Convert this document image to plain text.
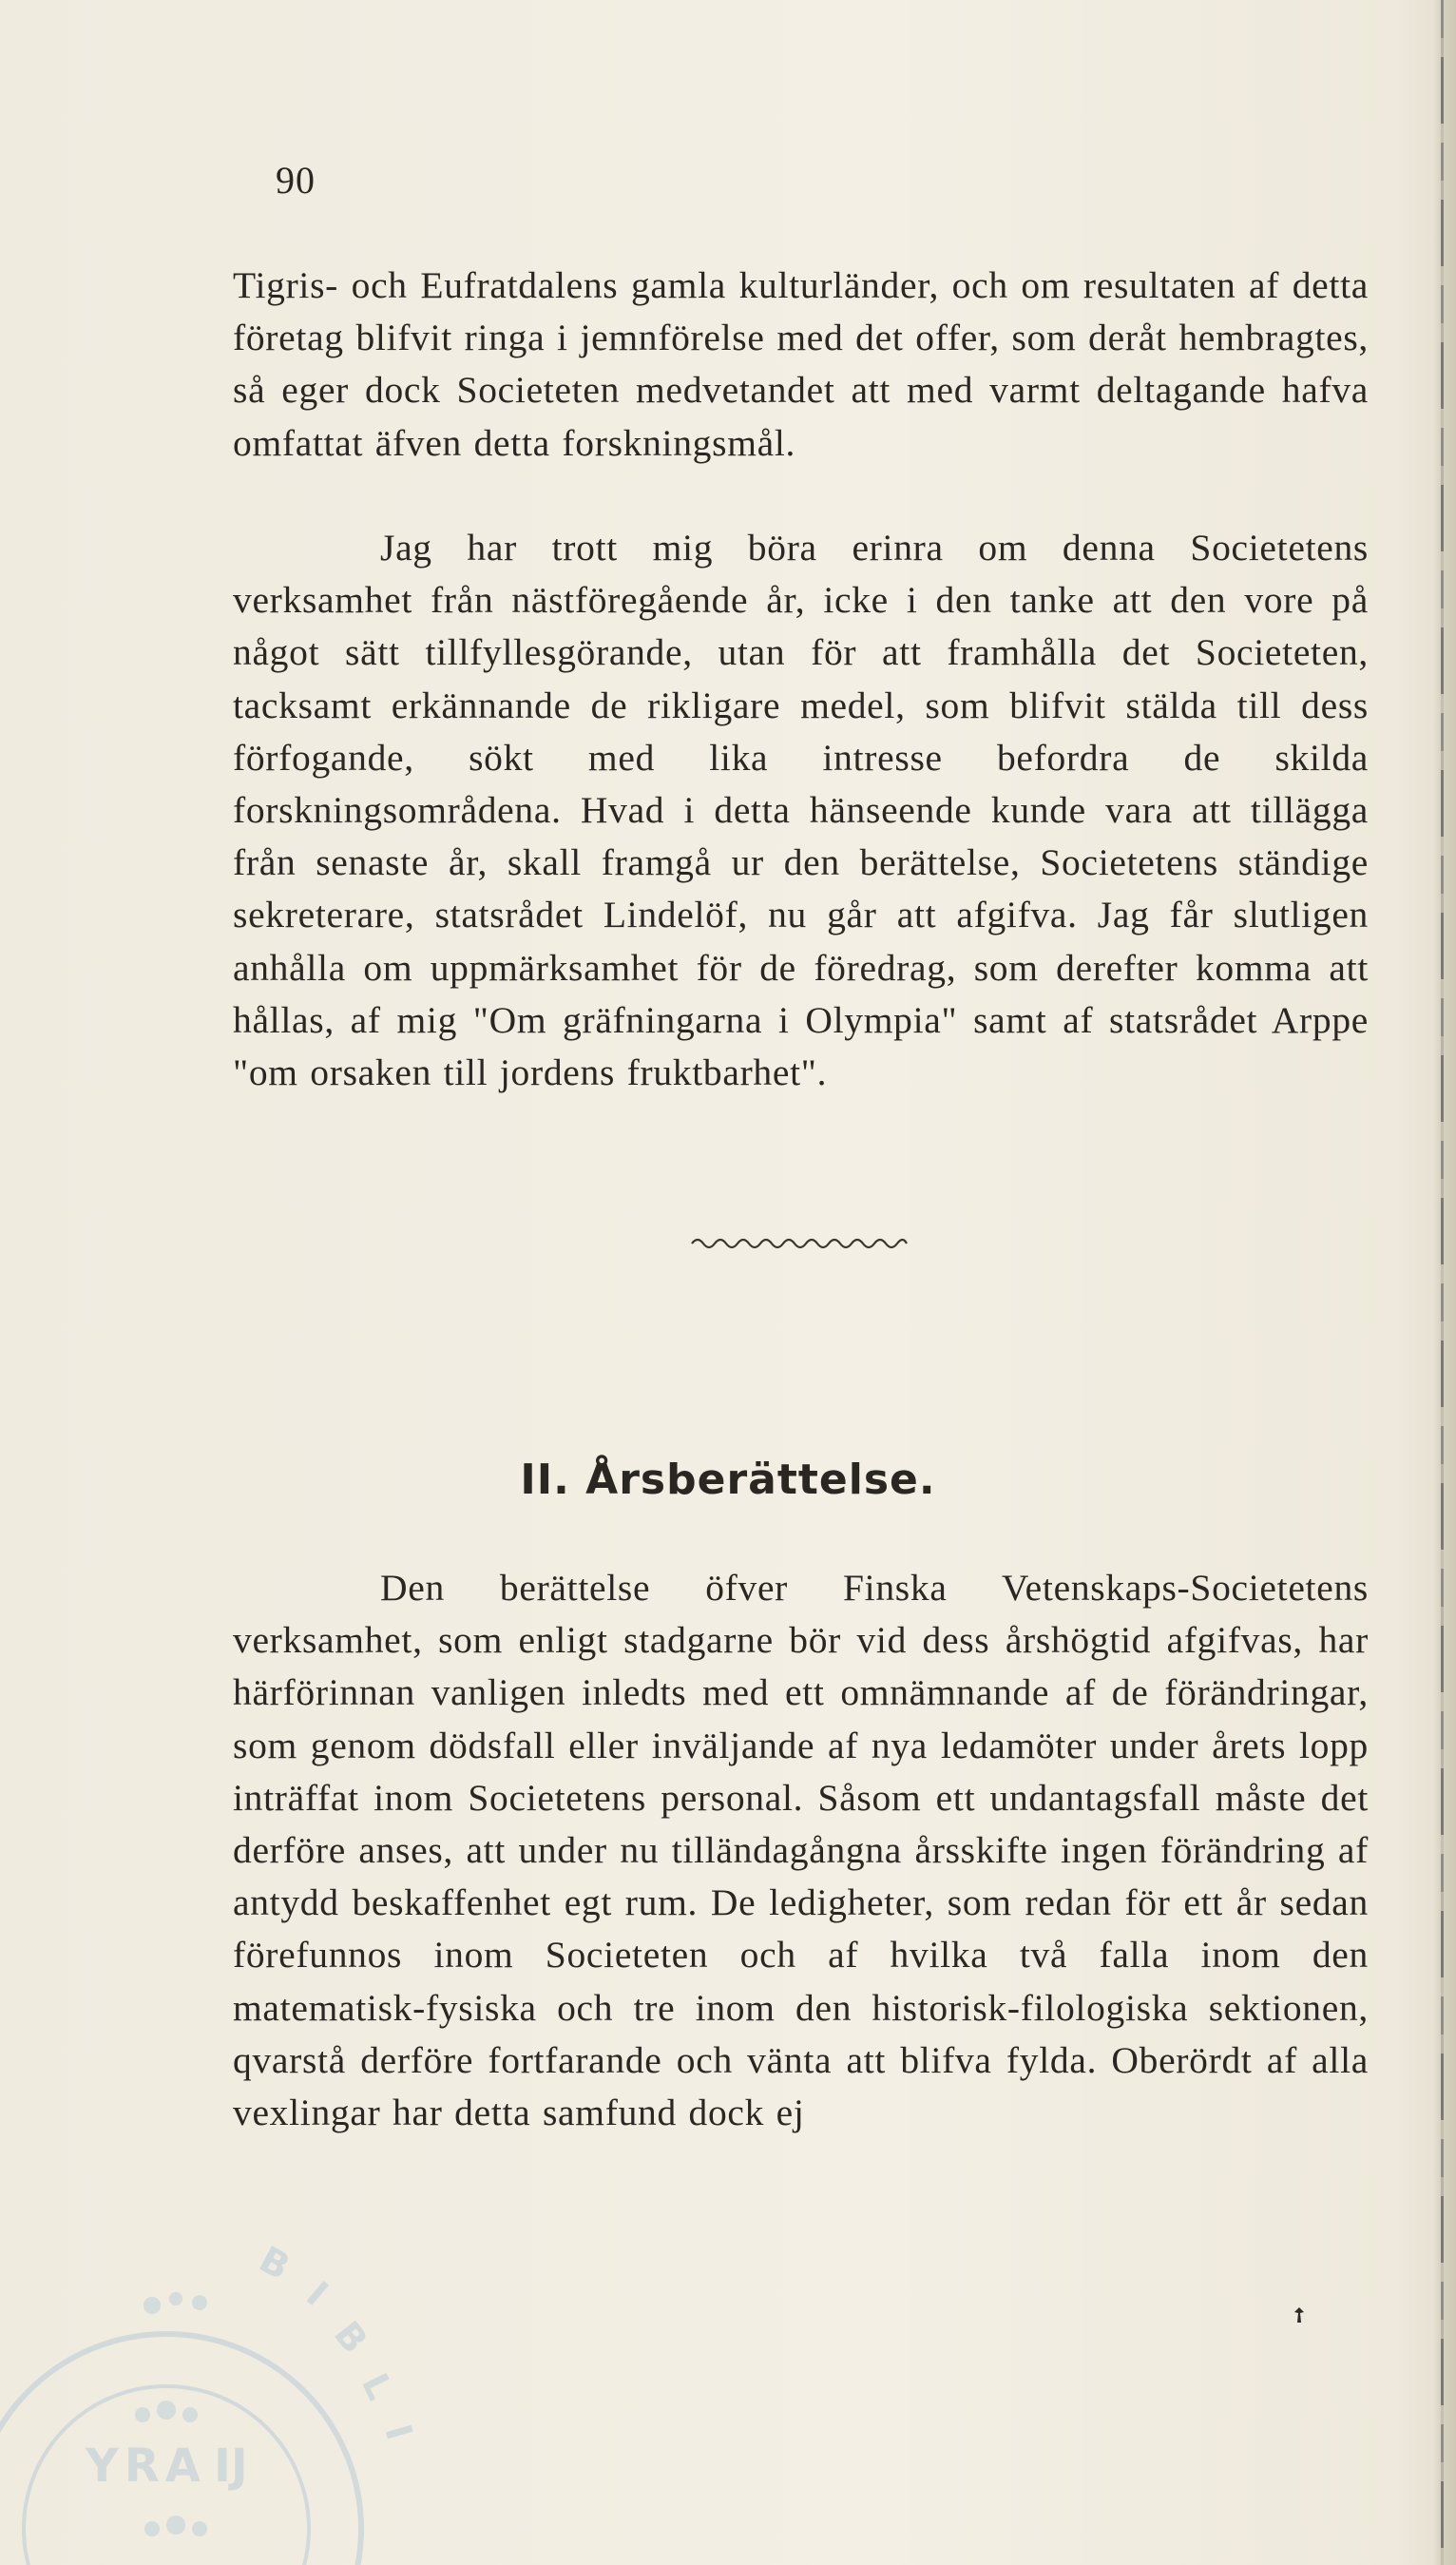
90

Tigris- och Eufratdalens gamla kulturländer, och om resultaten af detta företag blifvit ringa i jemnförelse med det offer, som deråt hembragtes, så eger dock Societeten medvetandet att med varmt deltagande hafva omfattat äfven detta forskningsmål.

Jag har trott mig böra erinra om denna Societetens verksamhet från nästföregående år, icke i den tanke att den vore på något sätt tillfyllesgörande, utan för att framhålla det Societeten, tacksamt erkännande de rikligare medel, som blifvit stälda till dess förfogande, sökt med lika intresse befordra de skilda forskningsområdena. Hvad i detta hänseende kunde vara att tillägga från senaste år, skall framgå ur den berättelse, Societetens ständige sekreterare, statsrådet Lindelöf, nu går att afgifva. Jag får slutligen anhålla om uppmärksamhet för de föredrag, som derefter komma att hållas, af mig "Om gräfningarna i Olympia" samt af statsrådet Arppe "om orsaken till jordens fruktbarhet".

II. Årsberättelse.

Den berättelse öfver Finska Vetenskaps-Societetens verksamhet, som enligt stadgarne bör vid dess årshögtid afgifvas, har härförinnan vanligen inledts med ett omnämnande af de förändringar, som genom dödsfall eller inväljande af nya ledamöter under årets lopp inträffat inom Societetens personal. Såsom ett undantagsfall måste det derföre anses, att under nu tilländagångna årsskifte ingen förändring af antydd beskaffenhet egt rum. De ledigheter, som redan för ett år sedan förefunnos inom Societeten och af hvilka två falla inom den matematisk-fysiska och tre inom den historisk-filologiska sektionen, qvarstå derföre fortfarande och vänta att blifva fylda. Oberördt af alla vexlingar har detta samfund dock ej

B
I
B
L
I
YRA IJ
